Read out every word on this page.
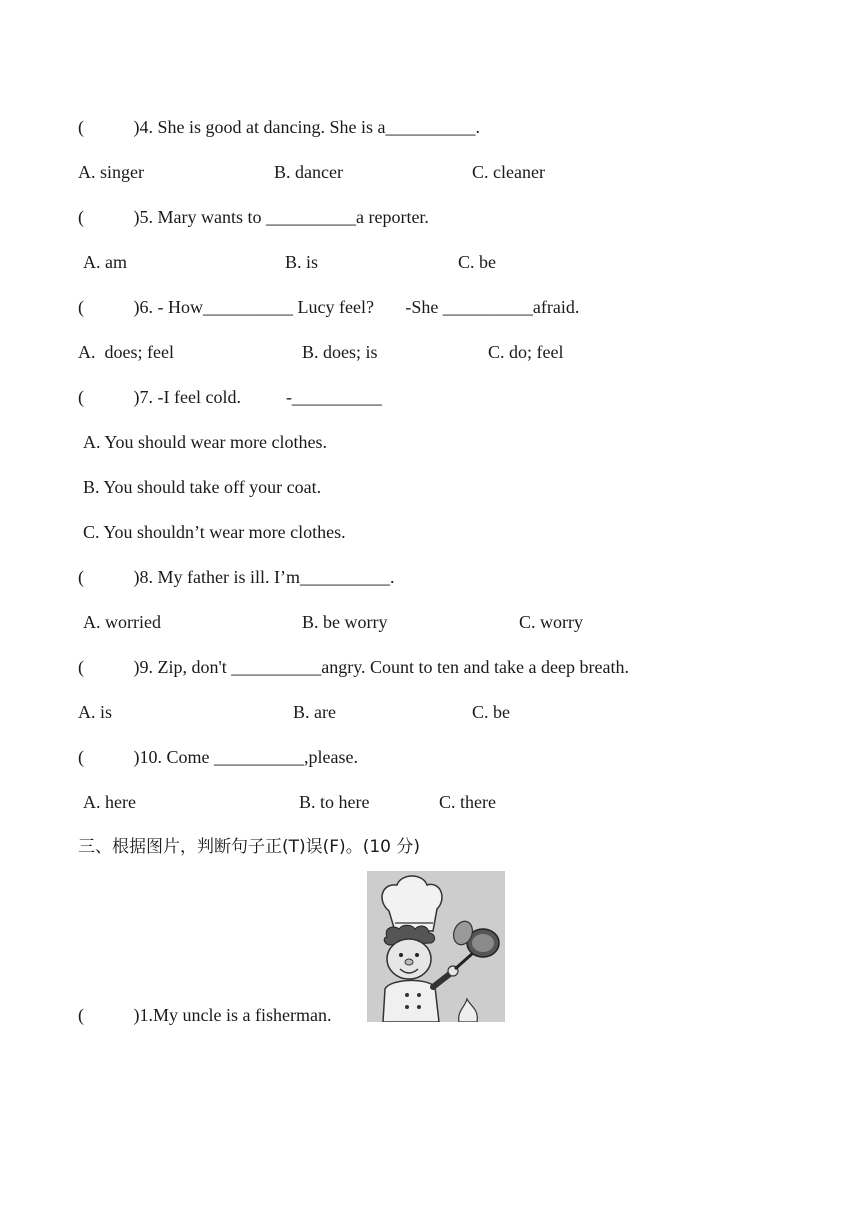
(           )4. She is good at dancing. She is a__________.
A. singer	B. dancer	C. cleaner
(           )5. Mary wants to __________a reporter.
A. am	B. is	C. be
(           )6. - How__________ Lucy feel?       -She __________afraid.
A.  does; feel	B. does; is	C. do; feel
(           )7. -I feel cold.          -__________
A. You should wear more clothes.
B. You should take off your coat.
C. You shouldn’t wear more clothes.
(           )8. My father is ill. I’m__________.
A. worried	B. be worry	C. worry
(           )9. Zip, don't __________angry. Count to ten and take a deep breath.
A. is	B. are	C. be
(           )10. Come __________,please.
A. here	B. to here	C. there
三、根据图片，判断句子正(T)误(F)。(10 分)
(           )1.My uncle is a fisherman.
